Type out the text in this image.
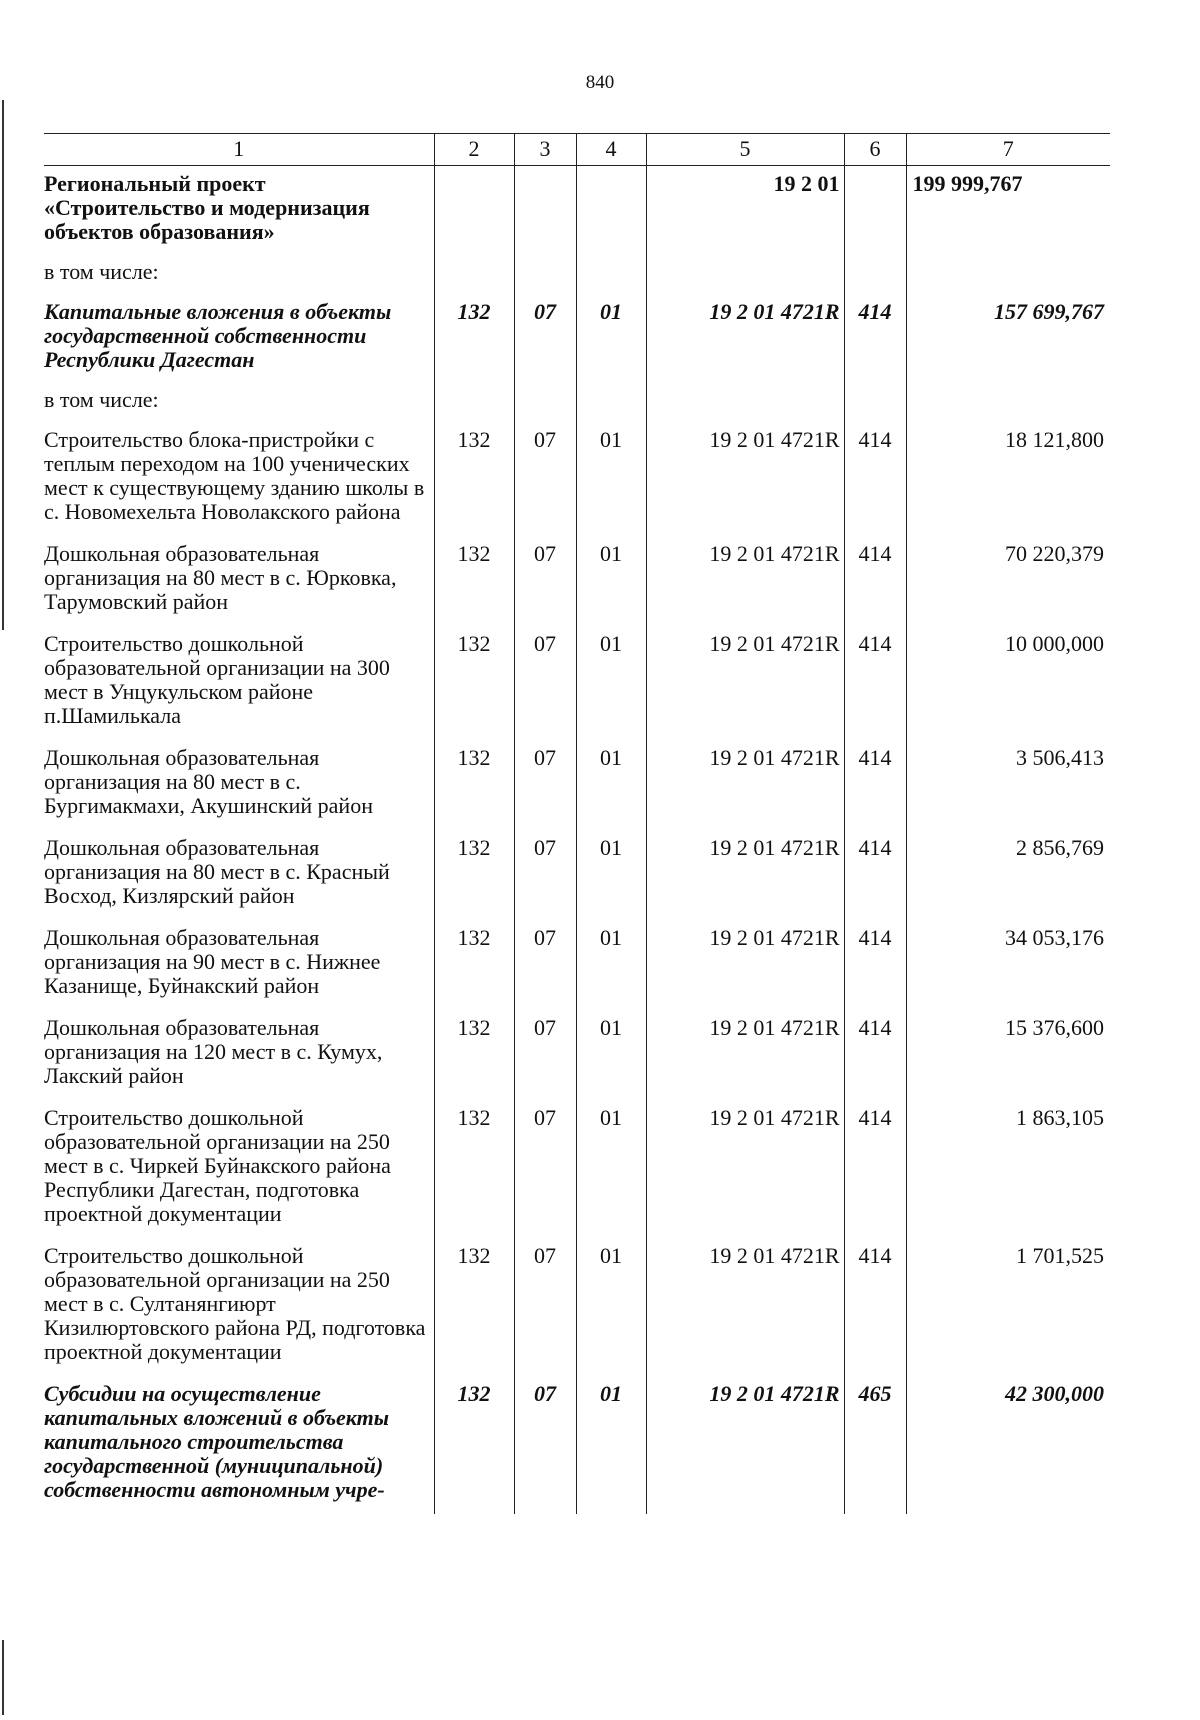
840
1	2	3	4	5	6	7
Региональный проект «Строительство и модернизация объектов образования»				19 2 01		199 999,767
в том числе:						
Капитальные вложения в объекты государственной собственности Республики Дагестан	132	07	01	19 2 01 4721R	414	157 699,767
в том числе:						
Строительство блока-пристройки с теплым переходом на 100 ученических мест к существующему зданию школы в с. Новомехельта Новолакского района	132	07	01	19 2 01 4721R	414	18 121,800
Дошкольная образовательная организация на 80 мест в с. Юрковка, Тарумовский район	132	07	01	19 2 01 4721R	414	70 220,379
Строительство дошкольной образовательной организации на 300 мест в Унцукульском районе п.Шамилькала	132	07	01	19 2 01 4721R	414	10 000,000
Дошкольная образовательная организация на 80 мест в с. Бургимакмахи, Акушинский район	132	07	01	19 2 01 4721R	414	3 506,413
Дошкольная образовательная организация на 80 мест в с. Красный Восход, Кизлярский район	132	07	01	19 2 01 4721R	414	2 856,769
Дошкольная образовательная организация на 90 мест в с. Нижнее Казанище, Буйнакский район	132	07	01	19 2 01 4721R	414	34 053,176
Дошкольная образовательная организация на 120 мест в с. Кумух, Лакский район	132	07	01	19 2 01 4721R	414	15 376,600
Строительство дошкольной образовательной организации на 250 мест в с. Чиркей Буйнакского района Республики Дагестан, подготовка проектной документации	132	07	01	19 2 01 4721R	414	1 863,105
Строительство дошкольной образовательной организации на 250 мест в с. Султанянгиюрт Кизилюртовского района РД, подготовка проектной документации	132	07	01	19 2 01 4721R	414	1 701,525
Субсидии на осуществление капитальных вложений в объекты капитального строительства государственной (муниципальной) собственности автономным учре-	132	07	01	19 2 01 4721R	465	42 300,000
